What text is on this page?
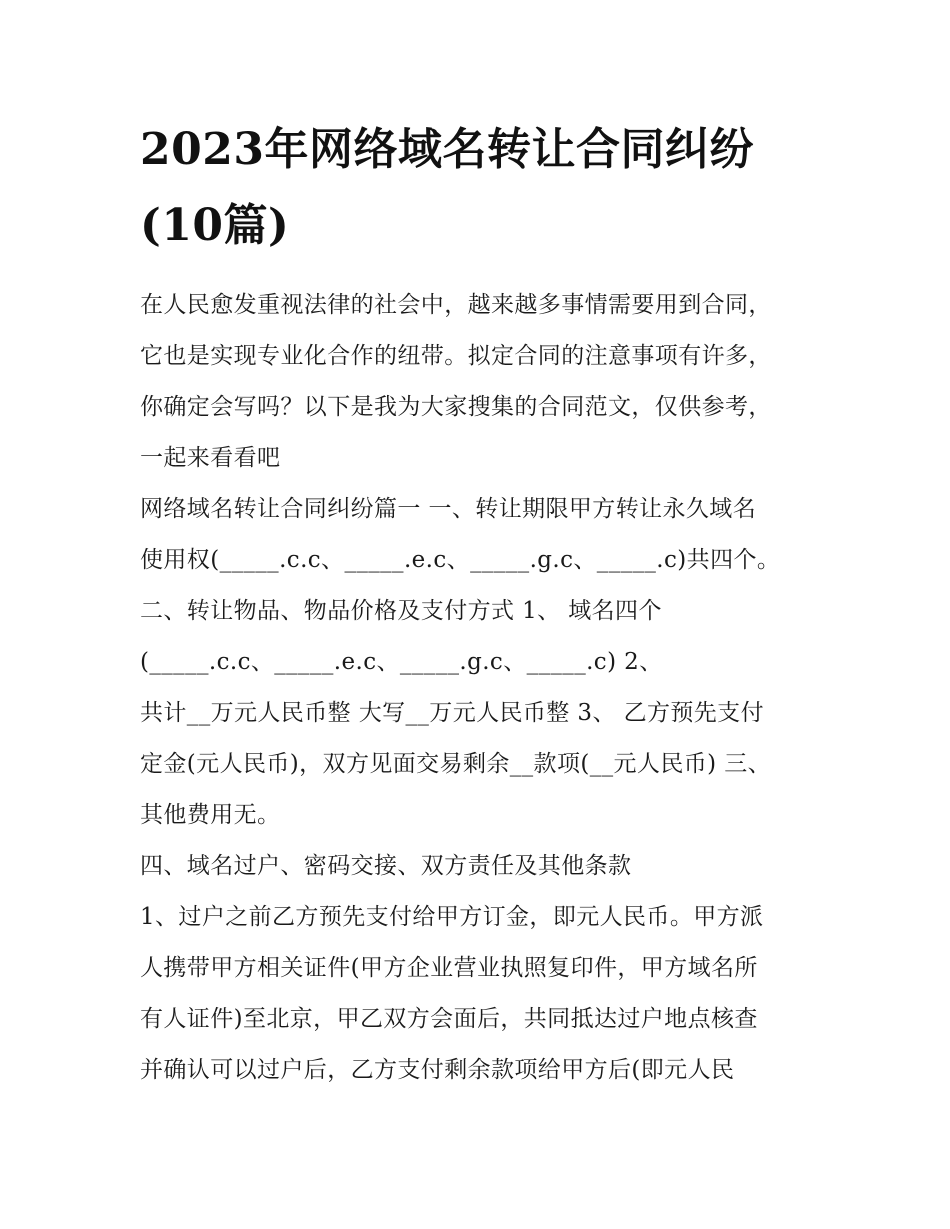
2023年网络域名转让合同纠纷
(10篇)
在人民愈发重视法律的社会中，越来越多事情需要用到合同，
它也是实现专业化合作的纽带。拟定合同的注意事项有许多，
你确定会写吗？以下是我为大家搜集的合同范文，仅供参考，
一起来看看吧
网络域名转让合同纠纷篇一 一、转让期限甲方转让永久域名
使用权(_____.c.c、_____.e.c、_____.g.c、_____.c)共四个。
二、转让物品、物品价格及支付方式 1、 域名四个
(_____.c.c、_____.e.c、_____.g.c、_____.c) 2、
共计__万元人民币整 大写__万元人民币整 3、 乙方预先支付
定金(元人民币)，双方见面交易剩余__款项(__元人民币) 三、
其他费用无。
四、域名过户、密码交接、双方责任及其他条款
1、过户之前乙方预先支付给甲方订金，即元人民币。甲方派
人携带甲方相关证件(甲方企业营业执照复印件，甲方域名所
有人证件)至北京，甲乙双方会面后，共同抵达过户地点核查
并确认可以过户后，乙方支付剩余款项给甲方后(即元人民
